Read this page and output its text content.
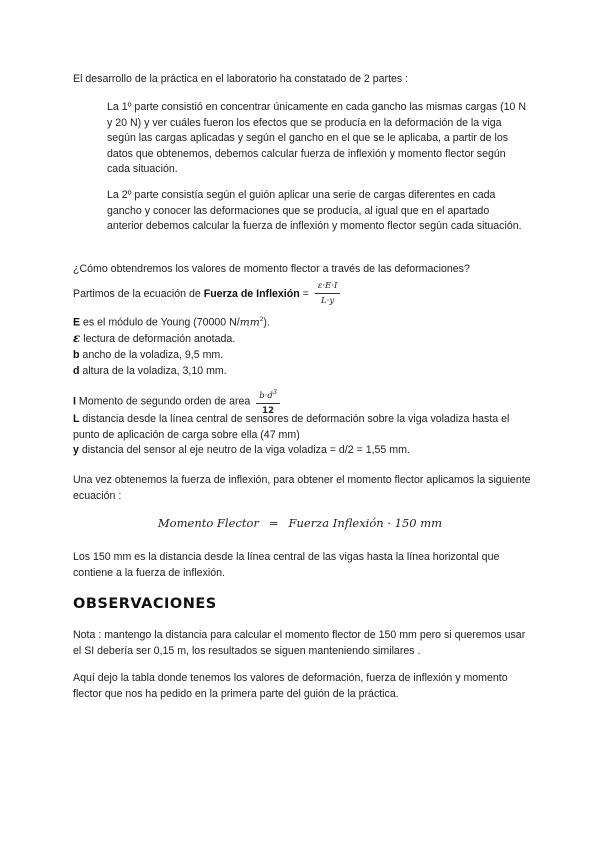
El desarrollo de la práctica en el laboratorio ha constatado de 2 partes :

La 1º parte consistió en concentrar únicamente en cada gancho las mismas cargas (10 N y 20 N) y ver cuáles fueron los efectos que se producía en la deformación de la viga según las cargas aplicadas y según el gancho en el que se le aplicaba, a partir de los datos que obtenemos, debemos calcular fuerza de inflexión y momento flector según cada situación.

La 2º parte consistía según el guión aplicar una serie de cargas diferentes en cada gancho y conocer las deformaciones que se producía, al igual que en el apartado anterior debemos calcular la fuerza de inflexión y momento flector según cada situación.

¿Cómo obtendremos los valores de momento flector a través de las deformaciones?

Partimos de la ecuación de Fuerza de Inflexión = $\frac{\varepsilon\cdot E\cdot I}{L\cdot y}$

E es el módulo de Young (70000 $N/mm^2$).

ε lectura de deformación anotada.

b ancho de la voladiza, 9,5 mm.

d altura de la voladiza, 3,10 mm.

I Momento de segundo orden de area $\frac{b\cdot d^3}{12}$

L distancia desde la línea central de sensores de deformación sobre la viga voladiza hasta el punto de aplicación de carga sobre ella (47 mm)

y distancia del sensor al eje neutro de la viga voladiza = d/2 = 1,55 mm.

Una vez obtenemos la fuerza de inflexión, para obtener el momento flector aplicamos la siguiente ecuación :

Momento Flector = Fuerza Inflexión · 150 mm

Los 150 mm es la distancia desde la línea central de las vigas hasta la línea horizontal que contiene a la fuerza de inflexión.

OBSERVACIONES

Nota : mantengo la distancia para calcular el momento flector de 150 mm pero si queremos usar el SI debería ser 0,15 m, los resultados se siguen manteniendo similares .

Aquí dejo la tabla donde tenemos los valores de deformación, fuerza de inflexión y momento flector que nos ha pedido en la primera parte del guión de la práctica.
